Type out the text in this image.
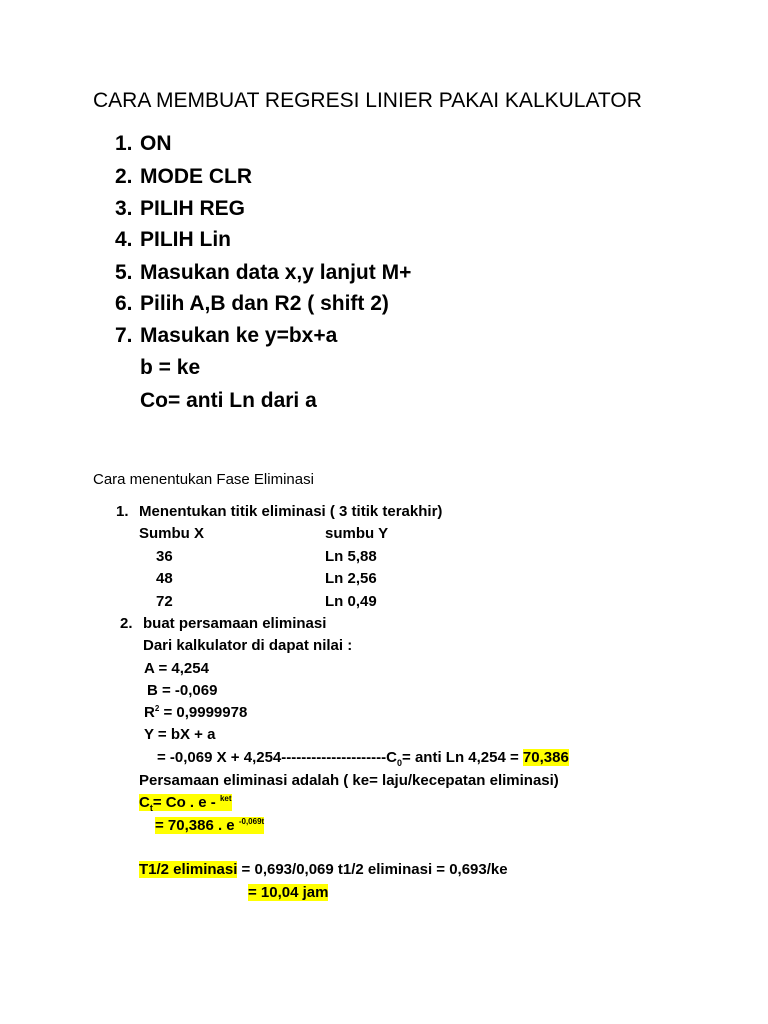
CARA MEMBUAT REGRESI LINIER PAKAI KALKULATOR
1. ON
2. MODE CLR
3. PILIH REG
4. PILIH Lin
5. Masukan data x,y lanjut M+
6. Pilih A,B dan R2 ( shift 2)
7. Masukan ke y=bx+a
b = ke
Co= anti Ln dari a
Cara menentukan Fase Eliminasi
1. Menentukan titik eliminasi ( 3 titik terakhir)
Sumbu X	sumbu Y
36	Ln 5,88
48	Ln 2,56
72	Ln 0,49
2. buat persamaan eliminasi
Dari kalkulator di dapat nilai :
A = 4,254
B = -0,069
$R^2 = 0,9999978$
Y = bX + a
= -0,069 $X + 4,254---------------------C_0=$ anti Ln 4,254 = 70,386
Persamaan eliminasi adalah ( ke= laju/kecepatan eliminasi)
$C_t= Co$ . e - $^{ket}$
= 70,386 . e $^{-0,069t}$
T1/2 eliminasi = 0,693/0,069 t1/2 eliminasi = 0,693/ke
= 10,04 jam
